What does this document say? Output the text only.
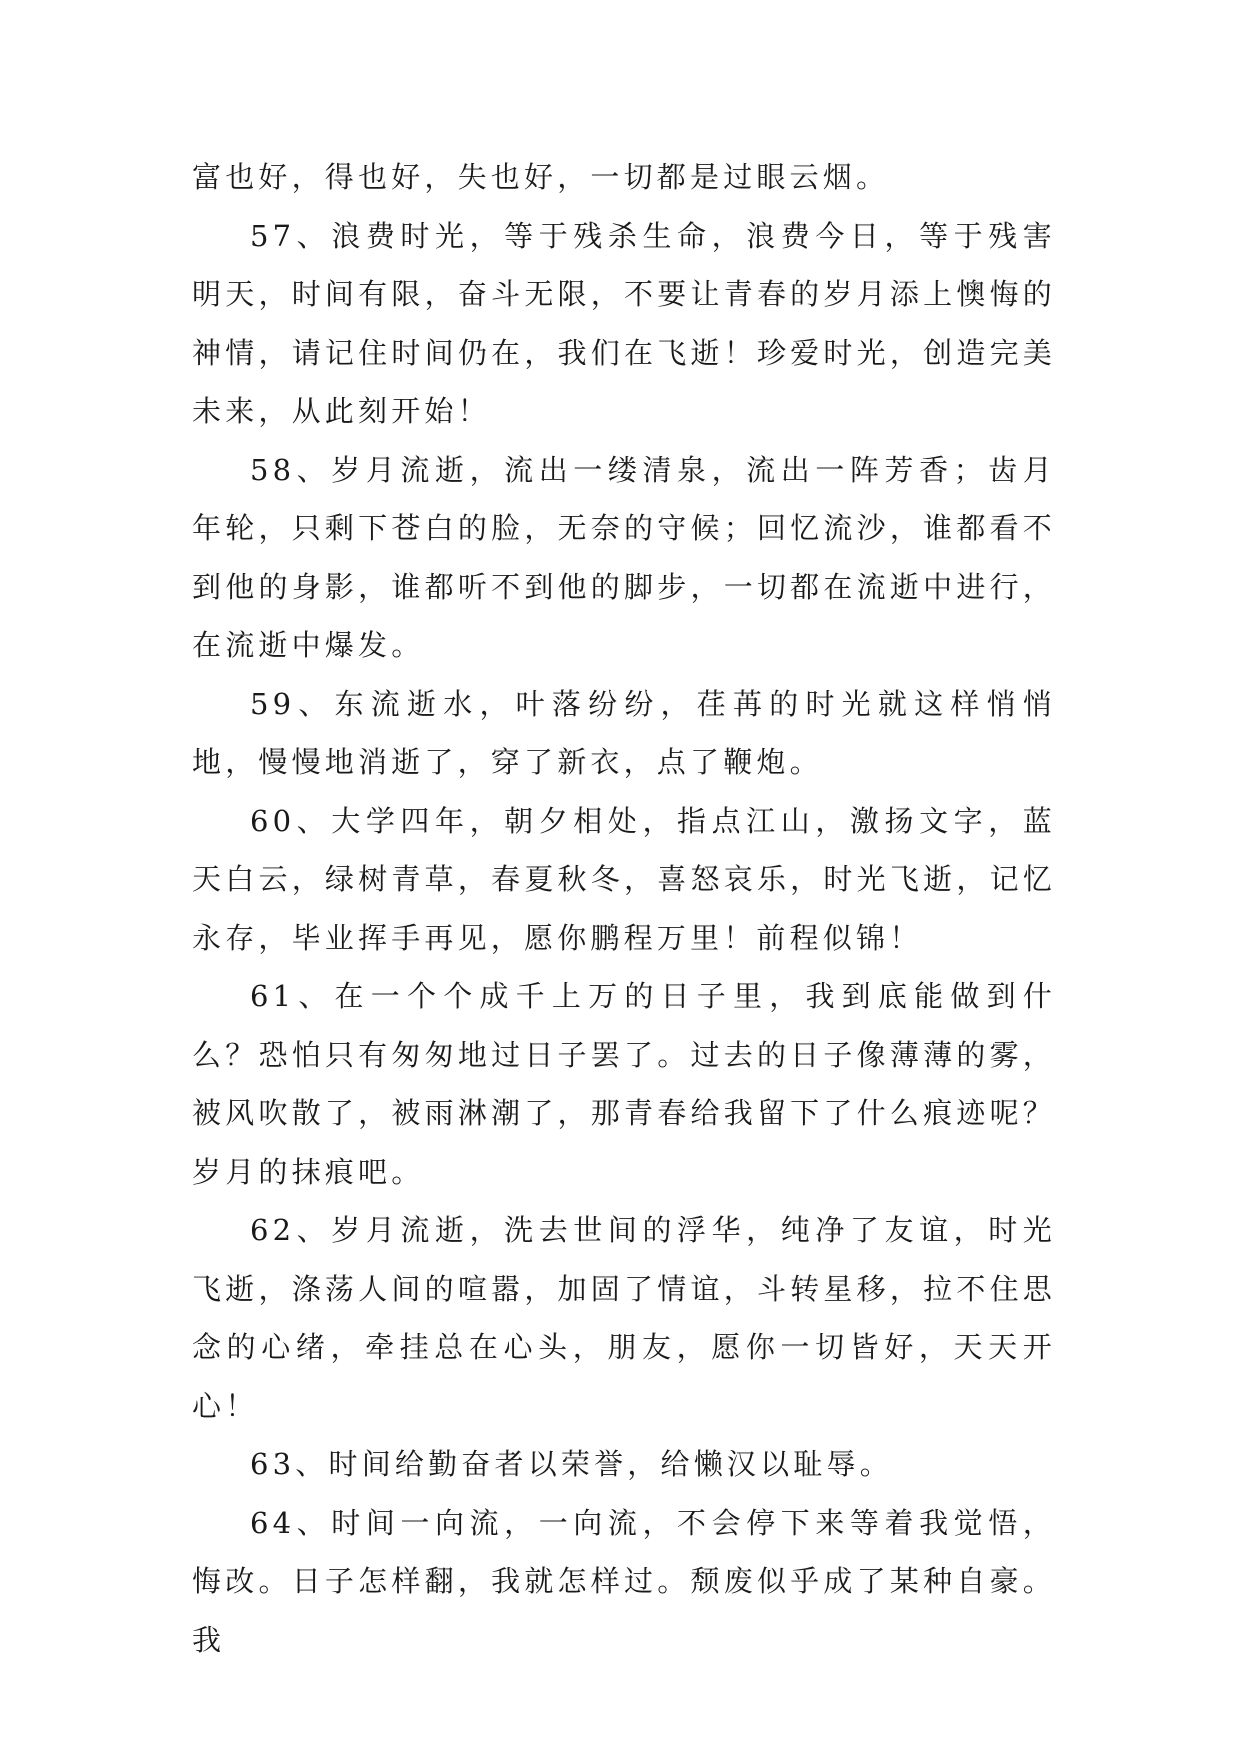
富也好，得也好，失也好，一切都是过眼云烟。

57、浪费时光，等于残杀生命，浪费今日，等于残害明天，时间有限，奋斗无限，不要让青春的岁月添上懊悔的神情，请记住时间仍在，我们在飞逝！珍爱时光，创造完美未来，从此刻开始！

58、岁月流逝，流出一缕清泉，流出一阵芳香；齿月年轮，只剩下苍白的脸，无奈的守候；回忆流沙，谁都看不到他的身影，谁都听不到他的脚步，一切都在流逝中进行，在流逝中爆发。

59、东流逝水，叶落纷纷，荏苒的时光就这样悄悄地，慢慢地消逝了，穿了新衣，点了鞭炮。

60、大学四年，朝夕相处，指点江山，激扬文字，蓝天白云，绿树青草，春夏秋冬，喜怒哀乐，时光飞逝，记忆永存，毕业挥手再见，愿你鹏程万里！前程似锦！

61、在一个个成千上万的日子里，我到底能做到什么？恐怕只有匆匆地过日子罢了。过去的日子像薄薄的雾，被风吹散了，被雨淋潮了，那青春给我留下了什么痕迹呢？岁月的抹痕吧。

62、岁月流逝，洗去世间的浮华，纯净了友谊，时光飞逝，涤荡人间的喧嚣，加固了情谊，斗转星移，拉不住思念的心绪，牵挂总在心头，朋友，愿你一切皆好，天天开心！

63、时间给勤奋者以荣誉，给懒汉以耻辱。

64、时间一向流，一向流，不会停下来等着我觉悟，悔改。日子怎样翻，我就怎样过。颓废似乎成了某种自豪。我
